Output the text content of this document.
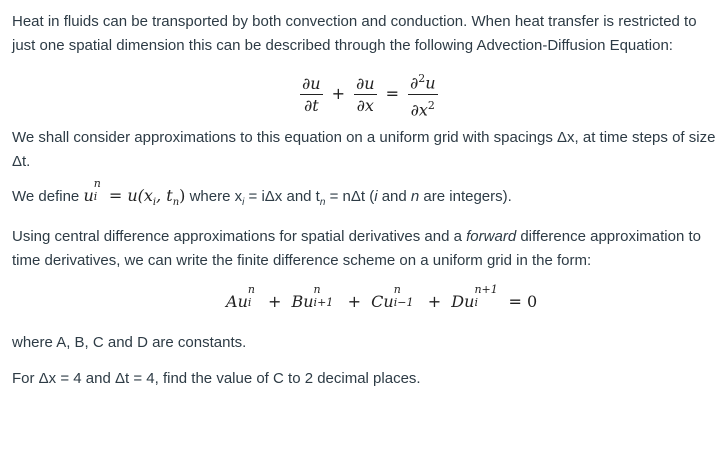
Heat in fluids can be transported by both convection and conduction. When heat transfer is restricted to just one spatial dimension this can be described through the following Advection-Diffusion Equation:

$\frac{\partial u}{\partial t} + \frac{\partial u}{\partial x} = \frac{\partial^2u}{\partial x^2}$

We shall consider approximations to this equation on a uniform grid with spacings Δx, at time steps of size Δt.

We define u
n
$i = u(x_i$, $t_n$) where $x_i = i\Delta x$ and $t_n = n\Delta t$ (i and n are integers).

Using central difference approximations for spatial derivatives and a forward difference approximation to time derivatives, we can write the finite difference scheme on a uniform grid in the form:

Au
n
i + Bu
n
i+1 + Cu
n
i−1 + Du
n+1
i = 0

where A, B, C and D are constants.

For Δx = 4 and Δt = 4, find the value of C to 2 decimal places.
